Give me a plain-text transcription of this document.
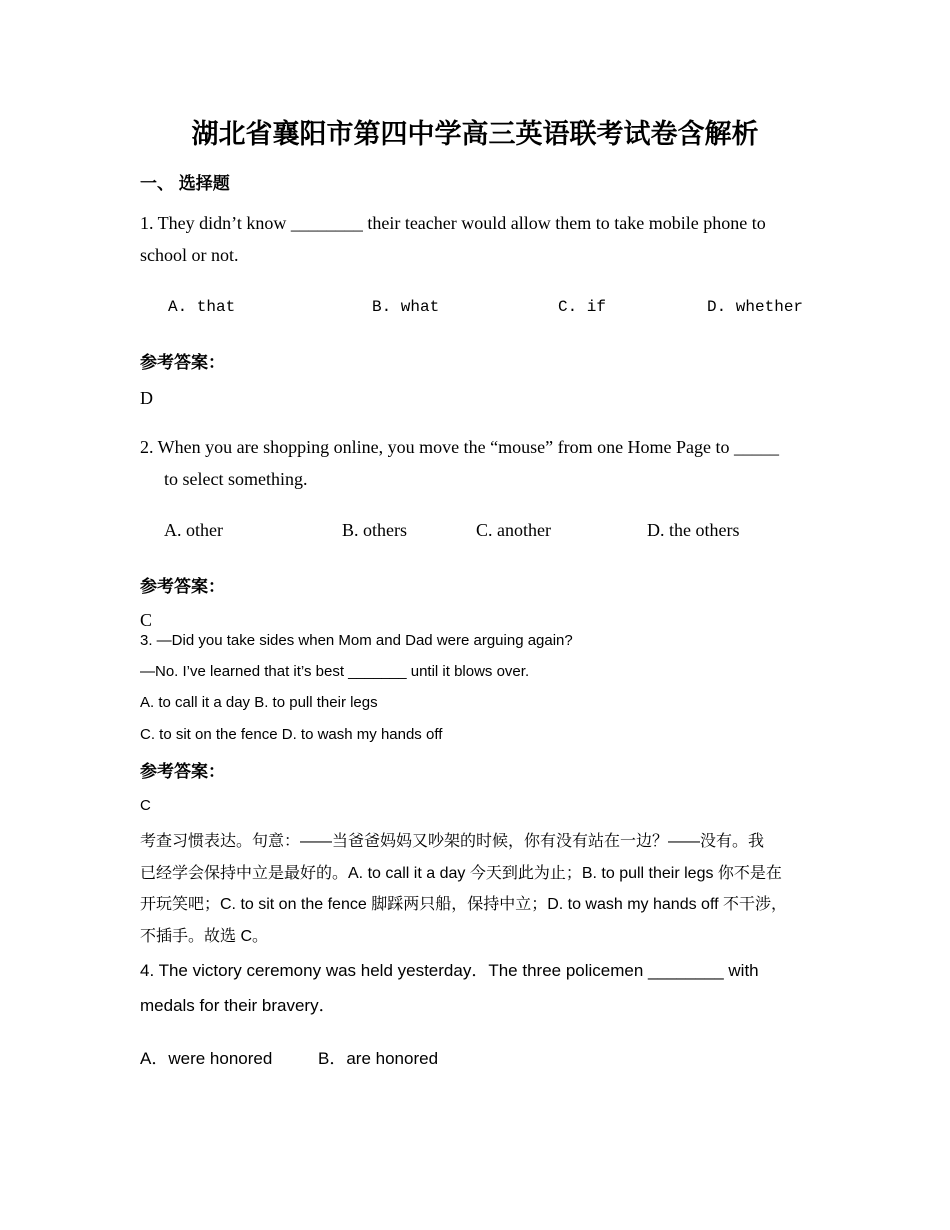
湖北省襄阳市第四中学高三英语联考试卷含解析
一、 选择题
1. They didn’t know ________ their teacher would allow them to take mobile phone to
school or not.
A. that	B. what	C. if	D. whether
参考答案：
D
2. When you are shopping online, you move the “mouse” from one Home Page to _____
to select something.
A. other	B. others	C. another	D. the others
参考答案：
C
3. —Did you take sides when Mom and Dad were arguing again?
—No. I’ve learned that it’s best _______ until it blows over.
A. to call it a day B. to pull their legs
C. to sit on the fence D. to wash my hands off
参考答案：
C
考查习惯表达。句意：——当爸爸妈妈又吵架的时候，你有没有站在一边？——没有。我
已经学会保持中立是最好的。A. to call it a day 今天到此为止；B. to pull their legs 你不是在
开玩笑吧；C. to sit on the fence 脚踩两只船，保持中立；D. to wash my hands off 不干涉，
不插手。故选 C。
4. The victory ceremony was held yesterday．The three policemen ________ with
medals for their bravery．
A．were honored	B．are honored
